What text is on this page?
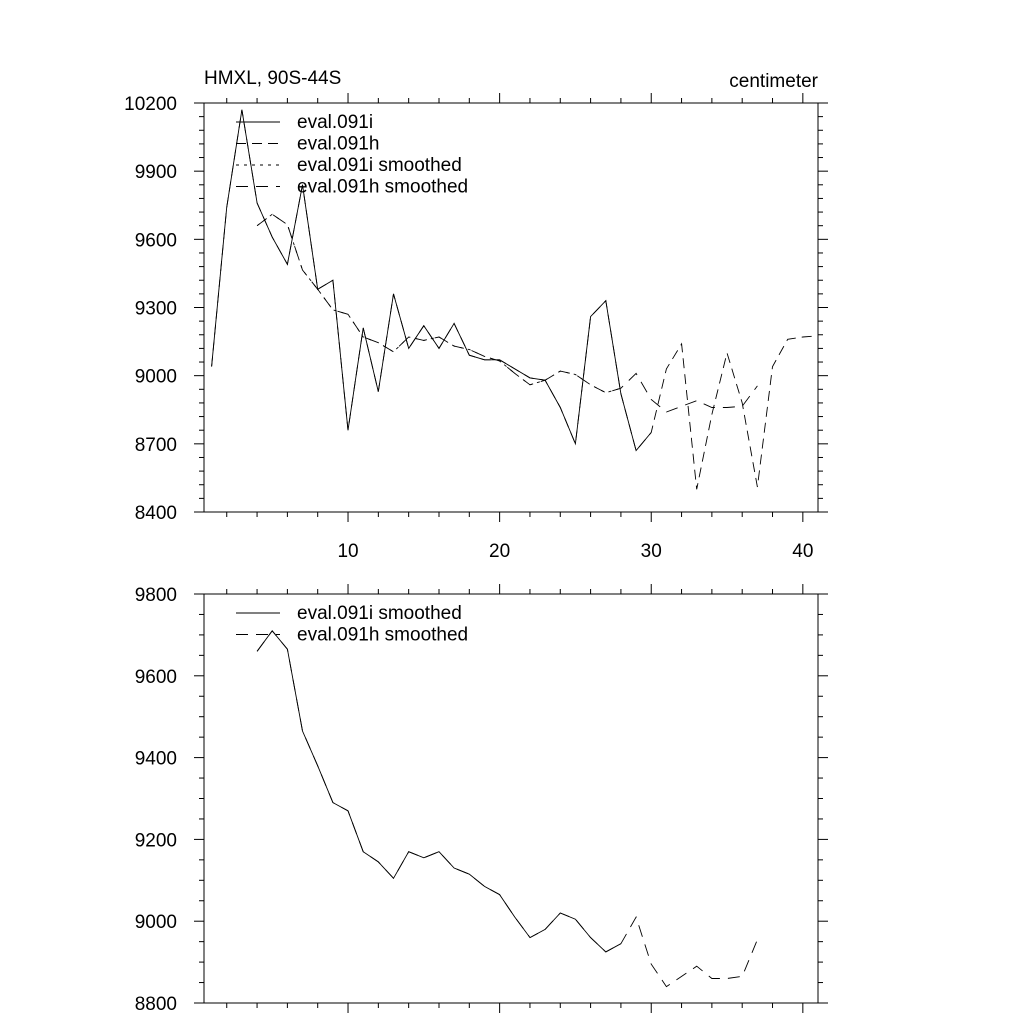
HMXL, 90S-44S	centimeter
8400
8700
9000
9300
9600
9900
10200
10	20	30	40
eval.091i
eval.091h
eval.091i smoothed
eval.091h smoothed
8800
9000
9200
9400
9600
9800
eval.091i smoothed
eval.091h smoothed
